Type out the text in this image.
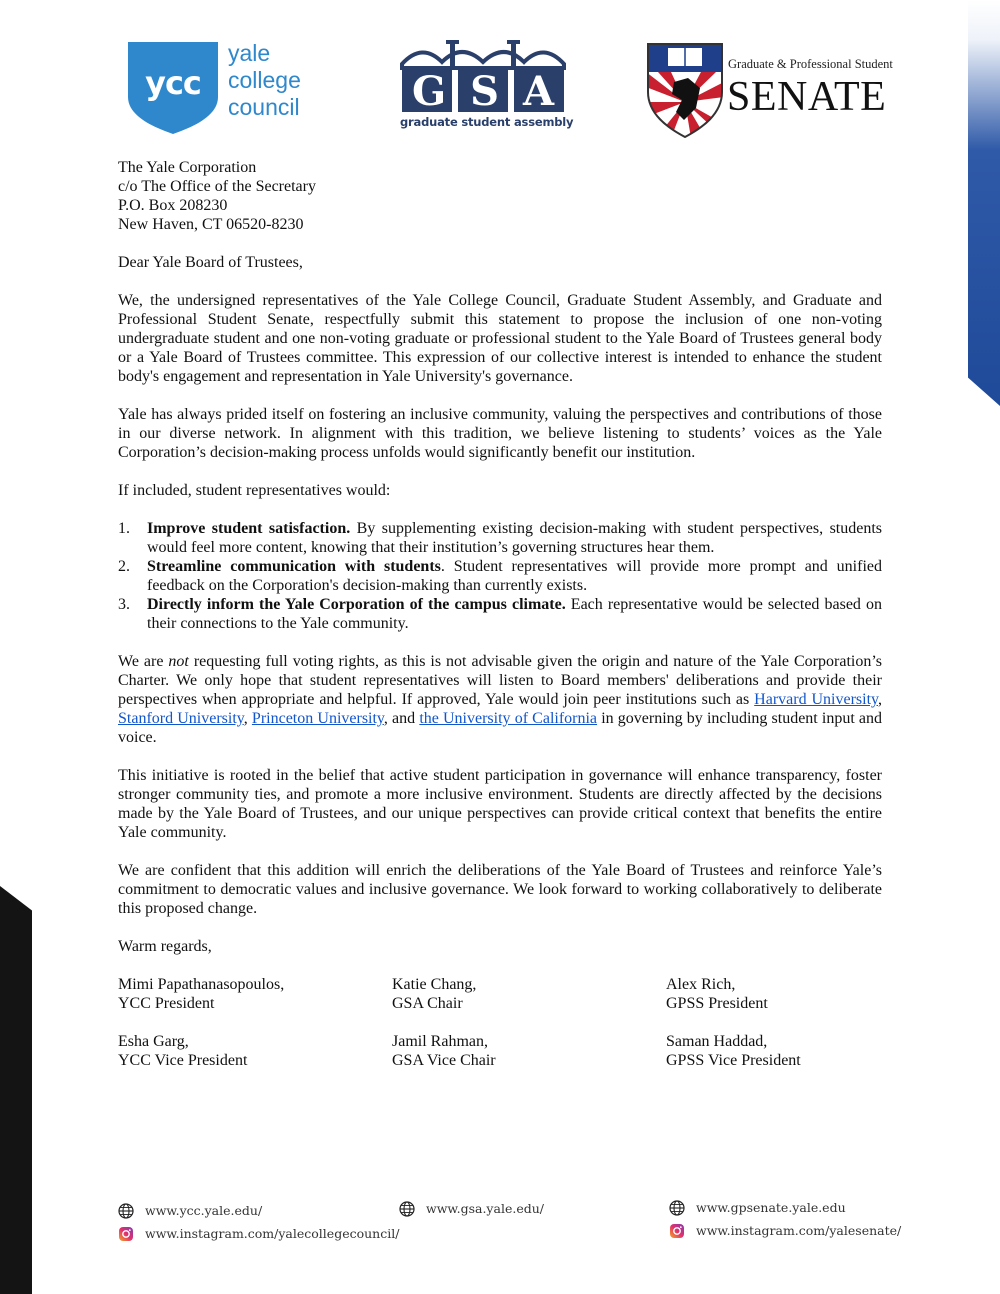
ycc
yale
college
council	G S A
graduate student assembly
Graduate & Professional Student
SENATE
The Yale Corporation
c/o The Office of the Secretary
P.O. Box 208230
New Haven, CT 06520-8230

Dear Yale Board of Trustees,

We, the undersigned representatives of the Yale College Council, Graduate Student Assembly, and Graduate and Professional Student Senate, respectfully submit this statement to propose the inclusion of one non-voting undergraduate student and one non-voting graduate or professional student to the Yale Board of Trustees general body or a Yale Board of Trustees committee. This expression of our collective interest is intended to enhance the student body's engagement and representation in Yale University's governance.

Yale has always prided itself on fostering an inclusive community, valuing the perspectives and contributions of those in our diverse network. In alignment with this tradition, we believe listening to students’ voices as the Yale Corporation’s decision-making process unfolds would significantly benefit our institution.

If included, student representatives would:

1. Improve student satisfaction. By supplementing existing decision-making with student perspectives, students would feel more content, knowing that their institution’s governing structures hear them.
2. Streamline communication with students. Student representatives will provide more prompt and unified feedback on the Corporation's decision-making than currently exists.
3. Directly inform the Yale Corporation of the campus climate. Each representative would be selected based on their connections to the Yale community.

We are not requesting full voting rights, as this is not advisable given the origin and nature of the Yale Corporation’s Charter. We only hope that student representatives will listen to Board members' deliberations and provide their perspectives when appropriate and helpful. If approved, Yale would join peer institutions such as Harvard University, Stanford University, Princeton University, and the University of California in governing by including student input and voice.

This initiative is rooted in the belief that active student participation in governance will enhance transparency, foster stronger community ties, and promote a more inclusive environment. Students are directly affected by the decisions made by the Yale Board of Trustees, and our unique perspectives can provide critical context that benefits the entire Yale community.

We are confident that this addition will enrich the deliberations of the Yale Board of Trustees and reinforce Yale’s commitment to democratic values and inclusive governance. We look forward to working collaboratively to deliberate this proposed change.

Warm regards,

Mimi Papathanasopoulos,	Katie Chang,	Alex Rich,
YCC President	GSA Chair	GPSS President
Esha Garg,	Jamil Rahman,	Saman Haddad,
YCC Vice President	GSA Vice Chair	GPSS Vice President
www.ycc.yale.edu/
www.instagram.com/yalecollegecouncil/
www.gsa.yale.edu/	www.gpsenate.yale.edu
www.instagram.com/yalesenate/
